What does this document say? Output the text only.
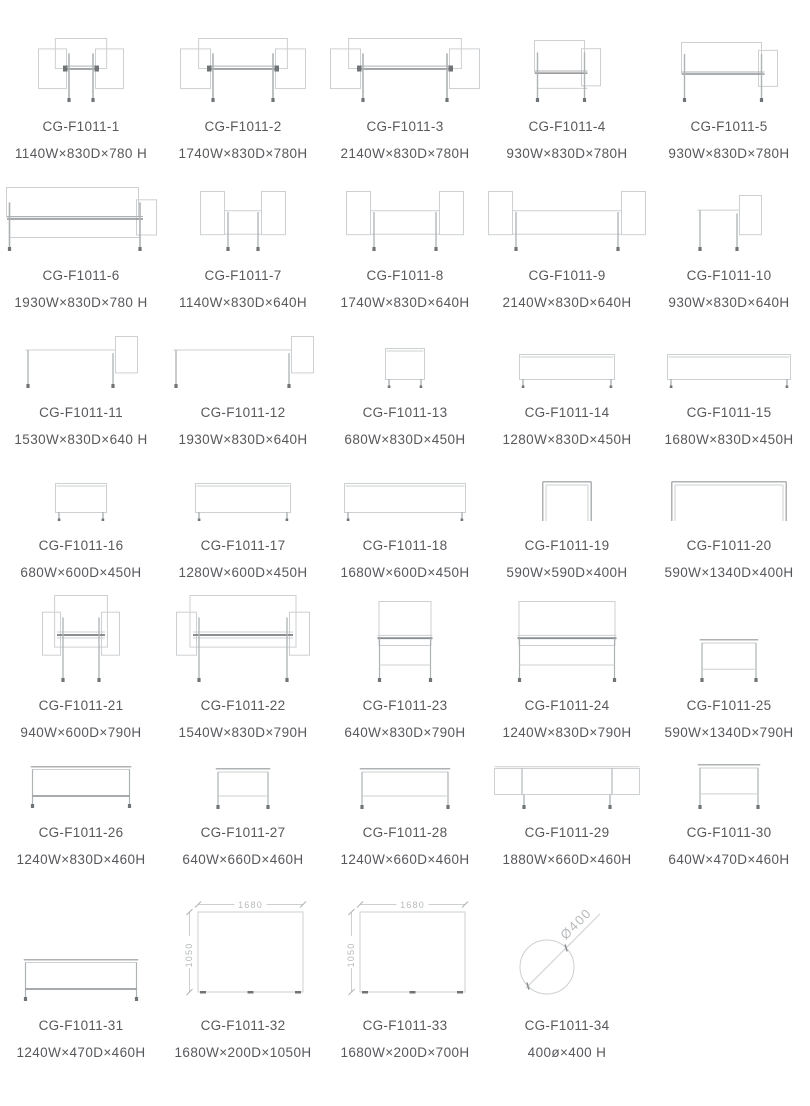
CG-F1011-1
1140W×830D×780 H
CG-F1011-2
1740W×830D×780H
CG-F1011-3
2140W×830D×780H
CG-F1011-4
930W×830D×780H
CG-F1011-5
930W×830D×780H
CG-F1011-6
1930W×830D×780 H
CG-F1011-7
1140W×830D×640H
CG-F1011-8
1740W×830D×640H
CG-F1011-9
2140W×830D×640H
CG-F1011-10
930W×830D×640H
CG-F1011-11
1530W×830D×640 H
CG-F1011-12
1930W×830D×640H
CG-F1011-13
680W×830D×450H
CG-F1011-14
1280W×830D×450H
CG-F1011-15
1680W×830D×450H
CG-F1011-16
680W×600D×450H
CG-F1011-17
1280W×600D×450H
CG-F1011-18
1680W×600D×450H
CG-F1011-19
590W×590D×400H
CG-F1011-20
590W×1340D×400H
CG-F1011-21
940W×600D×790H
CG-F1011-22
1540W×830D×790H
CG-F1011-23
640W×830D×790H
CG-F1011-24
1240W×830D×790H
CG-F1011-25
590W×1340D×790H
CG-F1011-26
1240W×830D×460H
CG-F1011-27
640W×660D×460H
CG-F1011-28
1240W×660D×460H
CG-F1011-29
1880W×660D×460H
CG-F1011-30
640W×470D×460H
CG-F1011-31
1240W×470D×460H
1680
1050
CG-F1011-32
1680W×200D×1050H
1680
1050
CG-F1011-33
1680W×200D×700H
Ø400
CG-F1011-34
400ø×400 H
